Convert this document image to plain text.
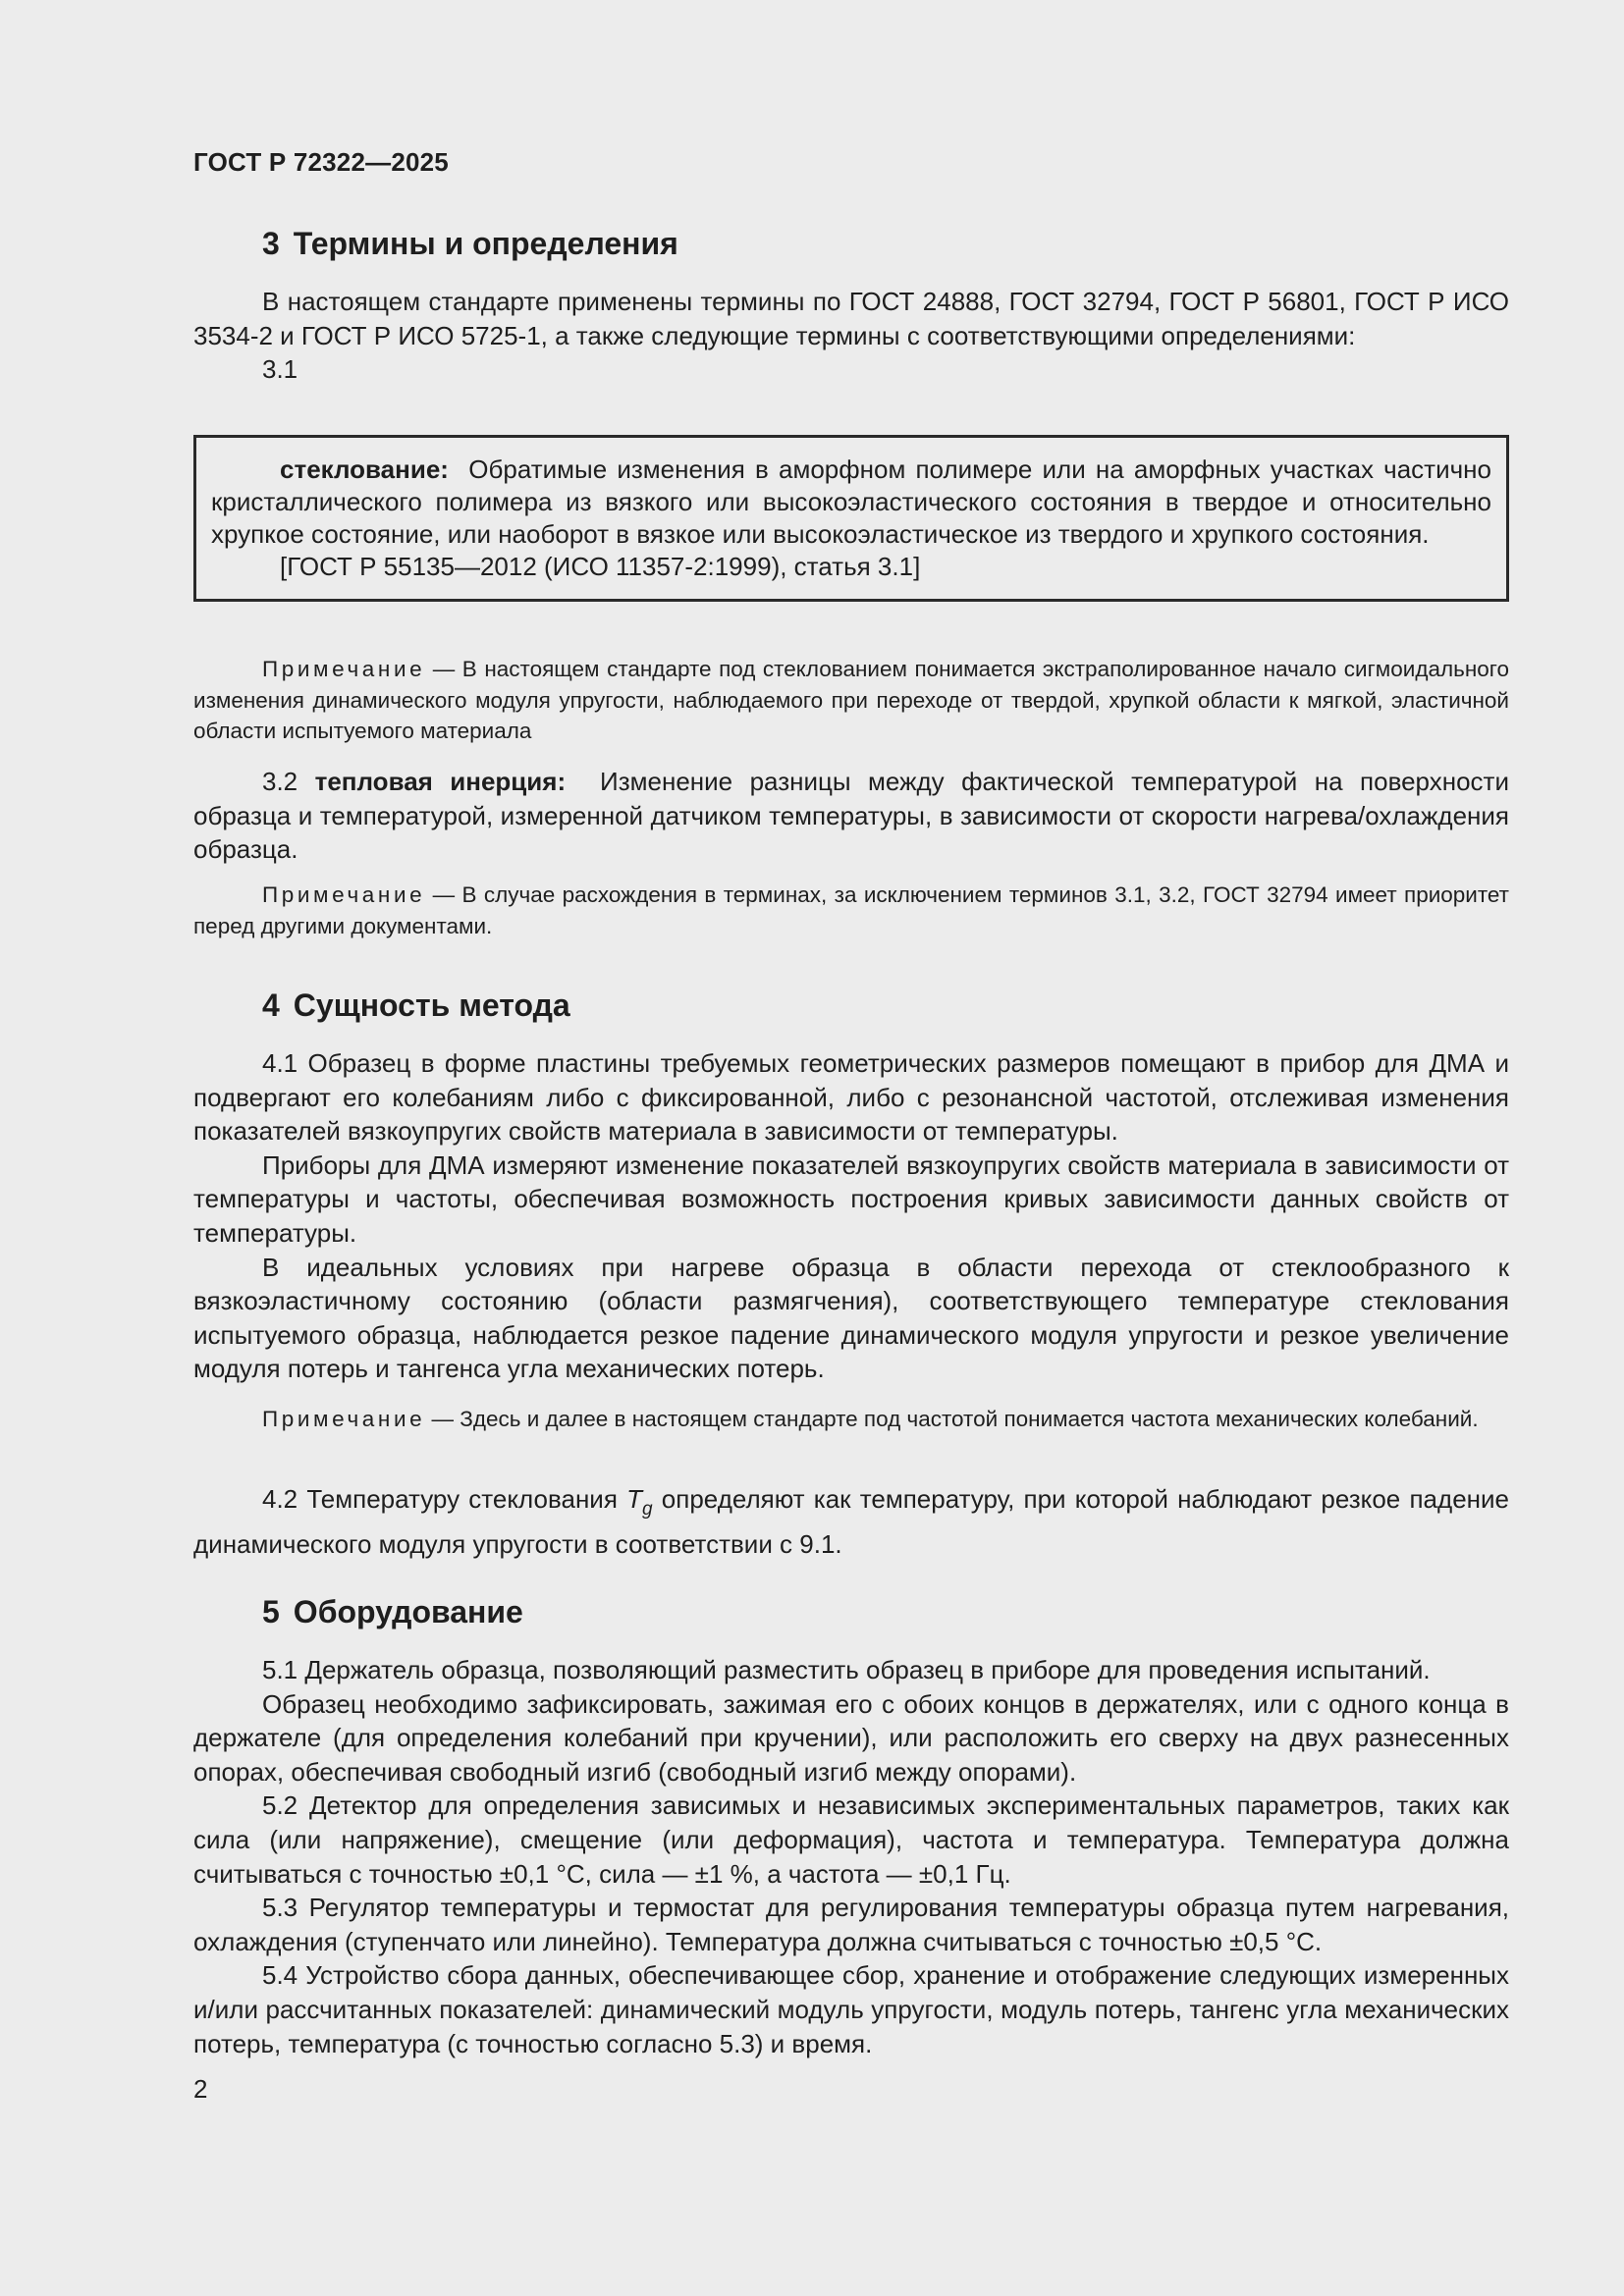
ГОСТ Р 72322—2025
3 Термины и определения

В настоящем стандарте применены термины по ГОСТ 24888, ГОСТ 32794, ГОСТ Р 56801, ГОСТ Р ИСО 3534-2 и ГОСТ Р ИСО 5725-1, а также следующие термины с соответствующими определениями:

3.1

стеклование: Обратимые изменения в аморфном полимере или на аморфных участках частично кристаллического полимера из вязкого или высокоэластического состояния в твердое и относительно хрупкое состояние, или наоборот в вязкое или высокоэластическое из твердого и хрупкого состояния.

[ГОСТ Р 55135—2012 (ИСО 11357-2:1999), статья 3.1]

Примечание — В настоящем стандарте под стеклованием понимается экстраполированное начало сигмоидального изменения динамического модуля упругости, наблюдаемого при переходе от твердой, хрупкой области к мягкой, эластичной области испытуемого материала

3.2 тепловая инерция: Изменение разницы между фактической температурой на поверхности образца и температурой, измеренной датчиком температуры, в зависимости от скорости нагрева/охлаждения образца.

Примечание — В случае расхождения в терминах, за исключением терминов 3.1, 3.2, ГОСТ 32794 имеет приоритет перед другими документами.

4 Сущность метода

4.1 Образец в форме пластины требуемых геометрических размеров помещают в прибор для ДМА и подвергают его колебаниям либо с фиксированной, либо с резонансной частотой, отслеживая изменения показателей вязкоупругих свойств материала в зависимости от температуры.

Приборы для ДМА измеряют изменение показателей вязкоупругих свойств материала в зависимости от температуры и частоты, обеспечивая возможность построения кривых зависимости данных свойств от температуры.

В идеальных условиях при нагреве образца в области перехода от стеклообразного к вязкоэластичному состоянию (области размягчения), соответствующего температуре стеклования испытуемого образца, наблюдается резкое падение динамического модуля упругости и резкое увеличение модуля потерь и тангенса угла механических потерь.

Примечание — Здесь и далее в настоящем стандарте под частотой понимается частота механических колебаний.

4.2 Температуру стеклования $T_g$ определяют как температуру, при которой наблюдают резкое падение динамического модуля упругости в соответствии с 9.1.

5 Оборудование

5.1 Держатель образца, позволяющий разместить образец в приборе для проведения испытаний.

Образец необходимо зафиксировать, зажимая его с обоих концов в держателях, или с одного конца в держателе (для определения колебаний при кручении), или расположить его сверху на двух разнесенных опорах, обеспечивая свободный изгиб (свободный изгиб между опорами).

5.2 Детектор для определения зависимых и независимых экспериментальных параметров, таких как сила (или напряжение), смещение (или деформация), частота и температура. Температура должна считываться с точностью ±0,1 °С, сила — ±1 %, а частота — ±0,1 Гц.

5.3 Регулятор температуры и термостат для регулирования температуры образца путем нагревания, охлаждения (ступенчато или линейно). Температура должна считываться с точностью ±0,5 °С.

5.4 Устройство сбора данных, обеспечивающее сбор, хранение и отображение следующих измеренных и/или рассчитанных показателей: динамический модуль упругости, модуль потерь, тангенс угла механических потерь, температура (с точностью согласно 5.3) и время.

2
